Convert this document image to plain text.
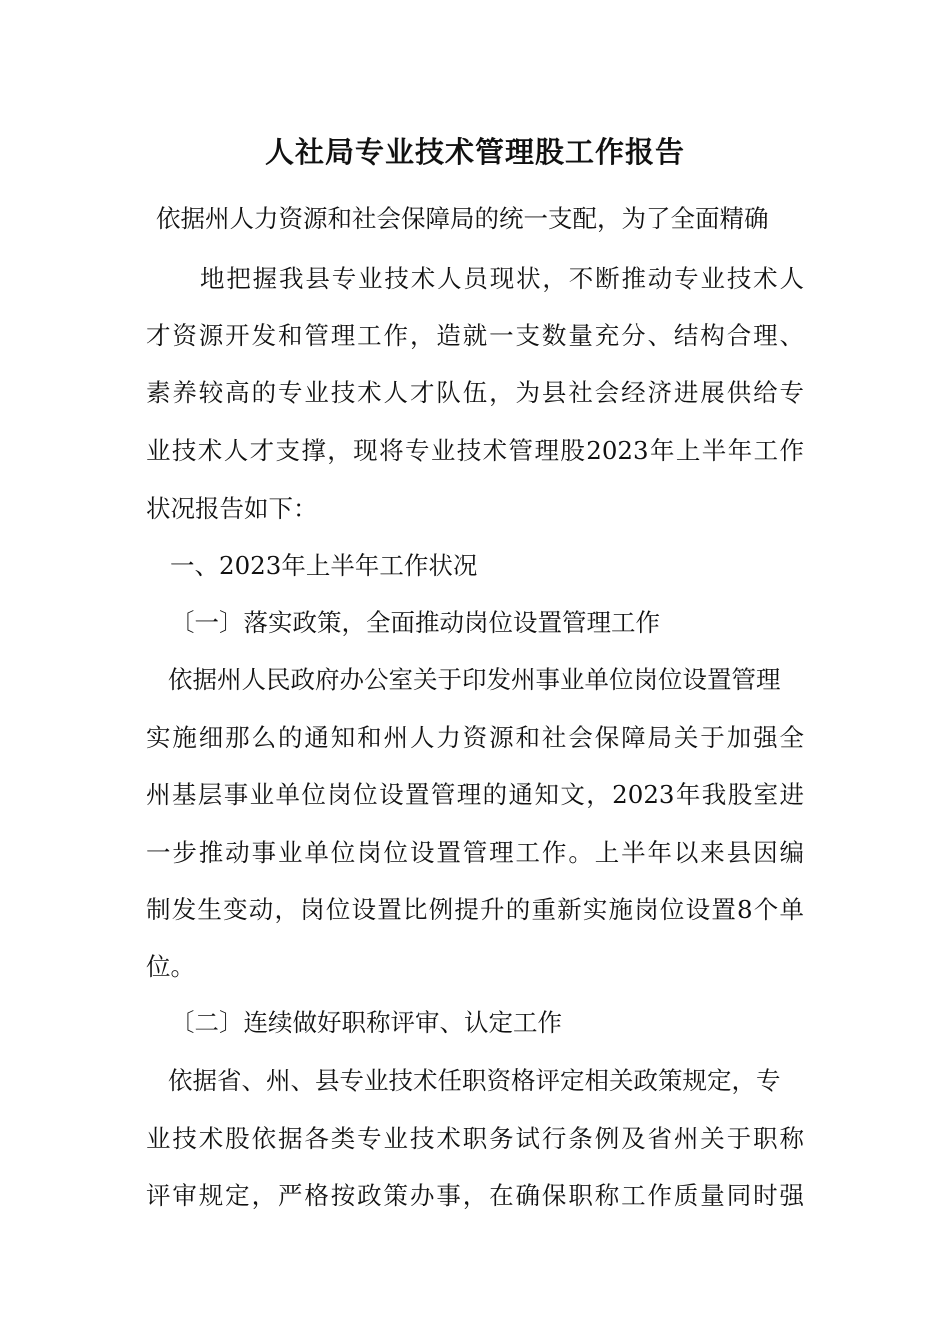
人社局专业技术管理股工作报告

依据州人力资源和社会保障局的统一支配，为了全面精确

地把握我县专业技术人员现状，不断推动专业技术人

才资源开发和管理工作，造就一支数量充分、结构合理、

素养较高的专业技术人才队伍，为县社会经济进展供给专

业技术人才支撑，现将专业技术管理股2023年上半年工作

状况报告如下：

一、2023年上半年工作状况

〔一〕落实政策，全面推动岗位设置管理工作

依据州人民政府办公室关于印发州事业单位岗位设置管理

实施细那么的通知和州人力资源和社会保障局关于加强全

州基层事业单位岗位设置管理的通知文，2023年我股室进

一步推动事业单位岗位设置管理工作。上半年以来县因编

制发生变动，岗位设置比例提升的重新实施岗位设置8个单

位。

〔二〕连续做好职称评审、认定工作

依据省、州、县专业技术任职资格评定相关政策规定，专

业技术股依据各类专业技术职务试行条例及省州关于职称

评审规定，严格按政策办事，在确保职称工作质量同时强
